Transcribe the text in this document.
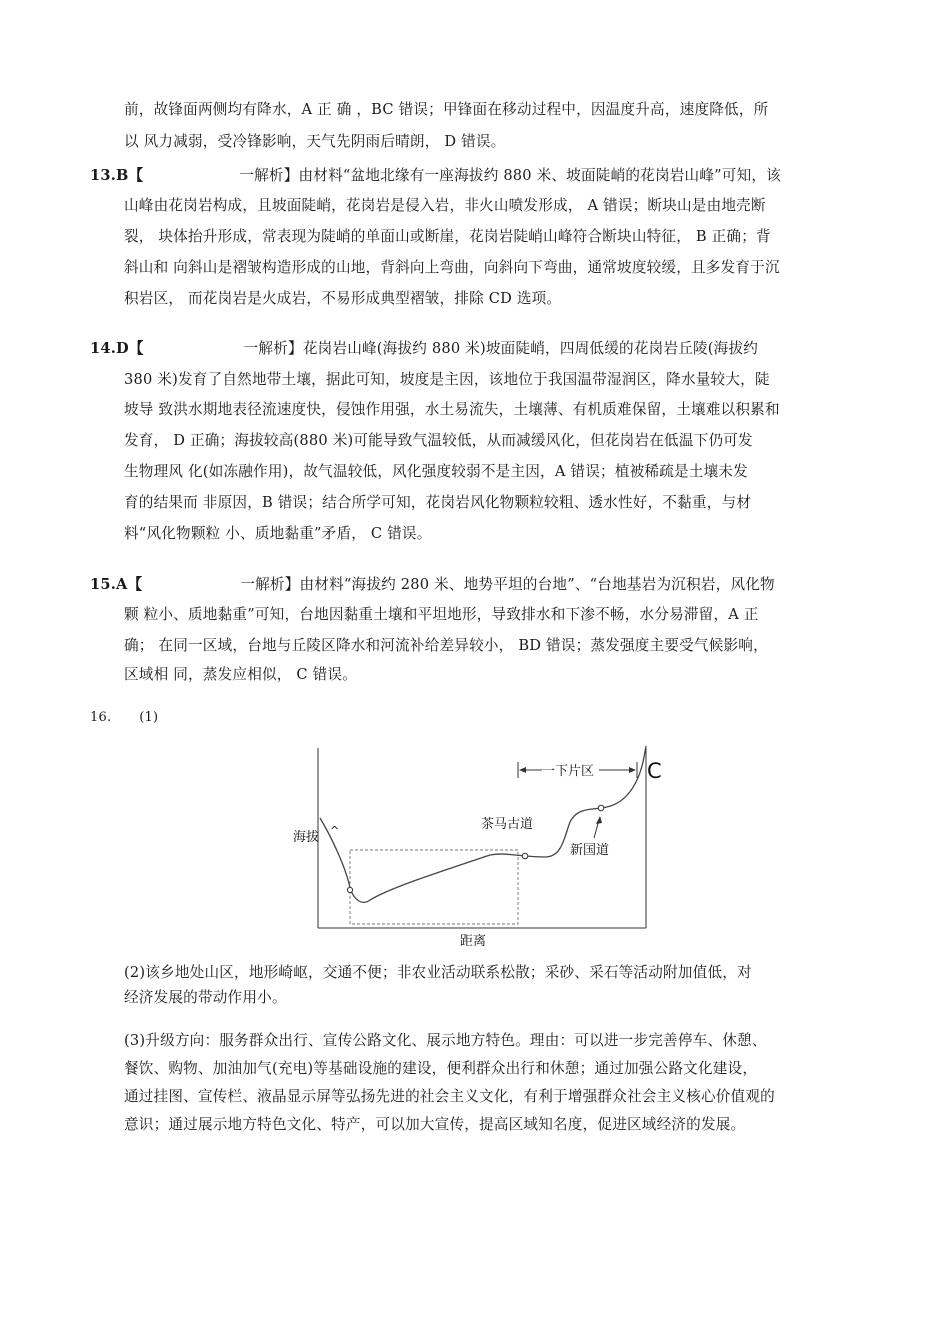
前，故锋面两侧均有降水，A 正 确 ，BC 错误；甲锋面在移动过程中，因温度升高，速度降低，所
以 风力减弱，受冷锋影响，天气先阴雨后晴朗， D 错误。
13.B【	一解析】由材料“盆地北缘有一座海拔约 880 米、坡面陡峭的花岗岩山峰”可知，该
山峰由花岗岩构成，且坡面陡峭，花岗岩是侵入岩，非火山喷发形成， A 错误；断块山是由地壳断
裂， 块体抬升形成，常表现为陡峭的单面山或断崖，花岗岩陡峭山峰符合断块山特征， B 正确；背
斜山和 向斜山是褶皱构造形成的山地，背斜向上弯曲，向斜向下弯曲，通常坡度较缓，且多发育于沉
积岩区， 而花岗岩是火成岩，不易形成典型褶皱，排除 CD 选项。
14.D【	一解析】花岗岩山峰(海拔约 880 米)坡面陡峭，四周低缓的花岗岩丘陵(海拔约
380 米)发育了自然地带土壤，据此可知，坡度是主因，该地位于我国温带湿润区，降水量较大，陡
坡导 致洪水期地表径流速度快，侵蚀作用强，水土易流失，土壤薄、有机质难保留，土壤难以积累和
发育， D 正确；海拔较高(880 米)可能导致气温较低，从而减缓风化，但花岗岩在低温下仍可发
生物理风 化(如冻融作用)，故气温较低，风化强度较弱不是主因，A 错误；植被稀疏是土壤未发
育的结果而 非原因，B 错误；结合所学可知，花岗岩风化物颗粒较粗、透水性好，不黏重，与材
料“风化物颗粒 小、质地黏重”矛盾， C 错误。
15.A【	一解析】由材料“海拔约 280 米、地势平坦的台地”、“台地基岩为沉积岩，风化物
颗 粒小、质地黏重”可知，台地因黏重土壤和平坦地形，导致排水和下渗不畅，水分易滞留，A 正
确； 在同一区域，台地与丘陵区降水和河流补给差异较小， BD 错误；蒸发强度主要受气候影响，
区域相 同，蒸发应相似， C 错误。
16. (1)
一下片区	C
海拔 ^	茶马古道
新国道
距离
(2)该乡地处山区，地形崎岖，交通不便；非农业活动联系松散；采砂、采石等活动附加值低，对
经济发展的带动作用小。
(3)升级方向：服务群众出行、宣传公路文化、展示地方特色。理由：可以进一步完善停车、休憩、
餐饮、购物、加油加气(充电)等基础设施的建设，便利群众出行和休憩；通过加强公路文化建设，
通过挂图、宣传栏、液晶显示屏等弘扬先进的社会主义文化，有利于增强群众社会主义核心价值观的
意识；通过展示地方特色文化、特产，可以加大宣传，提高区域知名度，促进区域经济的发展。
